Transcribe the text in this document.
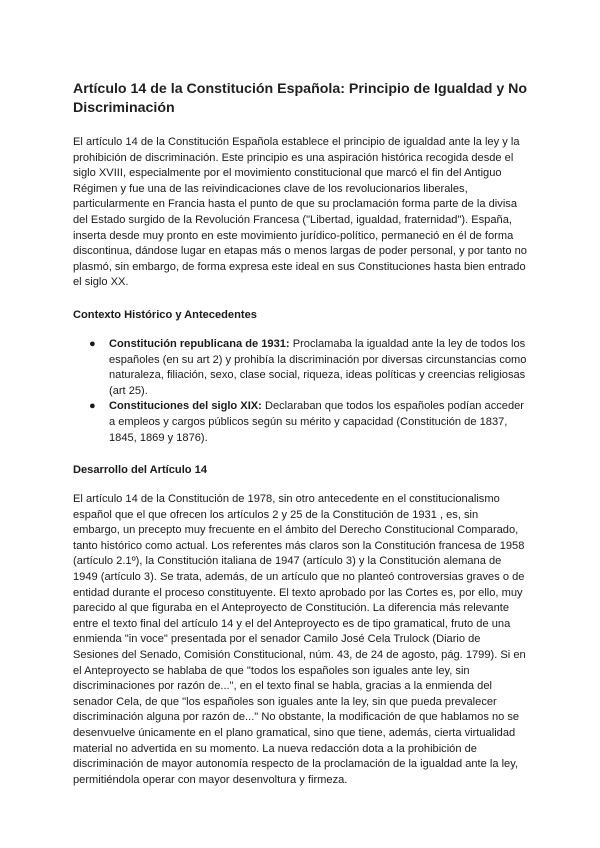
Artículo 14 de la Constitución Española: Principio de Igualdad y No Discriminación

El artículo 14 de la Constitución Española establece el principio de igualdad ante la ley y la prohibición de discriminación. Este principio es una aspiración histórica recogida desde el siglo XVIII, especialmente por el movimiento constitucional que marcó el fin del Antiguo Régimen y fue una de las reivindicaciones clave de los revolucionarios liberales, particularmente en Francia hasta el punto de que su proclamación forma parte de la divisa del Estado surgido de la Revolución Francesa ("Libertad, igualdad, fraternidad"). España, inserta desde muy pronto en este movimiento jurídico-político, permaneció en él de forma discontinua, dándose lugar en etapas más o menos largas de poder personal, y por tanto no plasmó, sin embargo, de forma expresa este ideal en sus Constituciones hasta bien entrado el siglo XX.

Contexto Histórico y Antecedentes
● Constitución republicana de 1931: Proclamaba la igualdad ante la ley de todos los españoles (en su art 2) y prohibía la discriminación por diversas circunstancias como naturaleza, filiación, sexo, clase social, riqueza, ideas políticas y creencias religiosas (art 25).
● Constituciones del siglo XIX: Declaraban que todos los españoles podían acceder a empleos y cargos públicos según su mérito y capacidad (Constitución de 1837, 1845, 1869 y 1876).
Desarrollo del Artículo 14

El artículo 14 de la Constitución de 1978, sin otro antecedente en el constitucionalismo español que el que ofrecen los artículos 2 y 25 de la Constitución de 1931 , es, sin embargo, un precepto muy frecuente en el ámbito del Derecho Constitucional Comparado, tanto histórico como actual. Los referentes más claros son la Constitución francesa de 1958 (artículo 2.1º), la Constitución italiana de 1947 (artículo 3) y la Constitución alemana de 1949 (artículo 3). Se trata, además, de un artículo que no planteó controversias graves o de entidad durante el proceso constituyente. El texto aprobado por las Cortes es, por ello, muy parecido al que figuraba en el Anteproyecto de Constitución. La diferencia más relevante entre el texto final del artículo 14 y el del Anteproyecto es de tipo gramatical, fruto de una enmienda "in voce" presentada por el senador Camilo José Cela Trulock (Diario de Sesiones del Senado, Comisión Constitucional, núm. 43, de 24 de agosto, pág. 1799). Si en el Anteproyecto se hablaba de que "todos los españoles son iguales ante ley, sin discriminaciones por razón de...", en el texto final se habla, gracias a la enmienda del senador Cela, de que "los españoles son iguales ante la ley, sin que pueda prevalecer discriminación alguna por razón de..." No obstante, la modificación de que hablamos no se desenvuelve únicamente en el plano gramatical, sino que tiene, además, cierta virtualidad material no advertida en su momento. La nueva redacción dota a la prohibición de discriminación de mayor autonomía respecto de la proclamación de la igualdad ante la ley, permitiéndola operar con mayor desenvoltura y firmeza.
